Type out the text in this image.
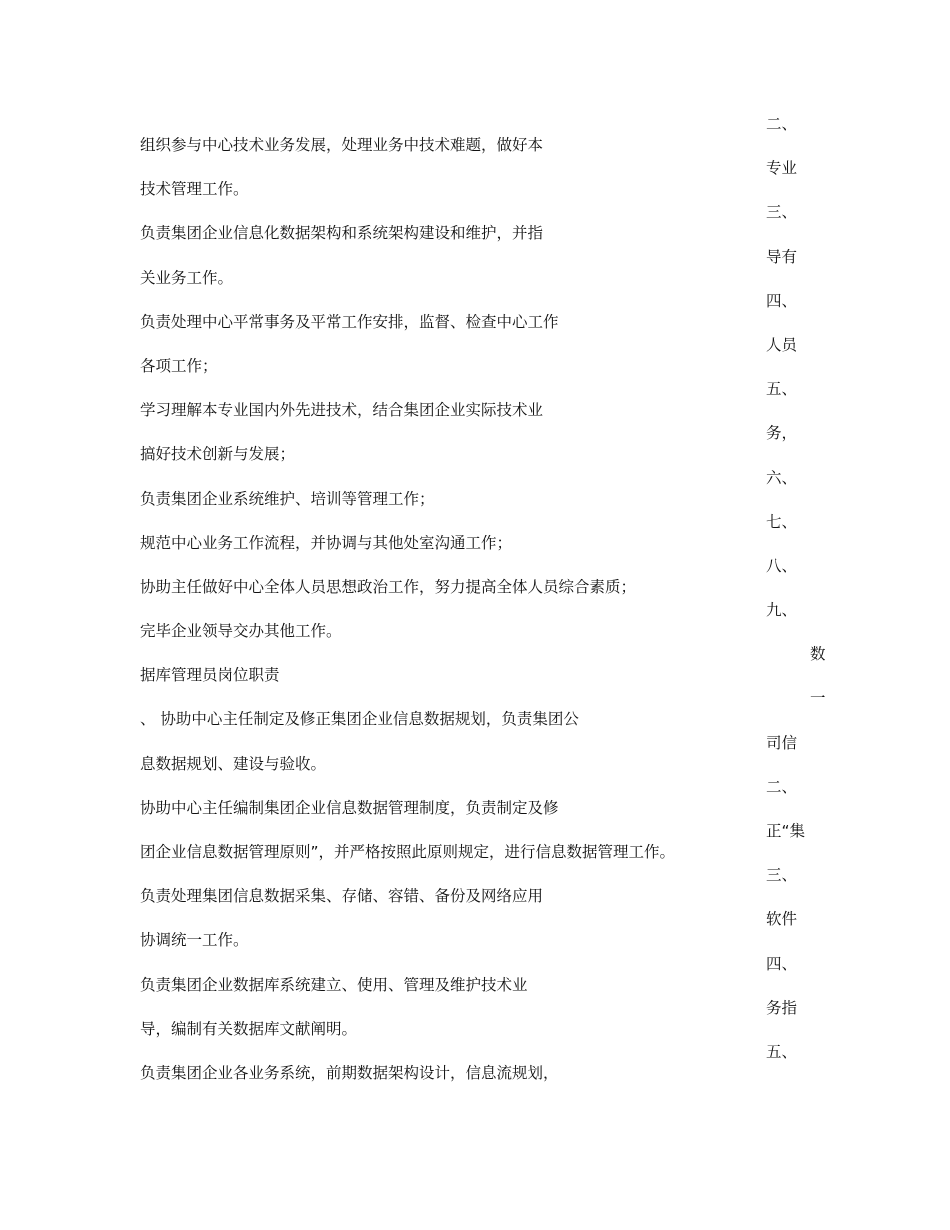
组织参与中心技术业务发展，处理业务中技术难题，做好本
技术管理工作。
负责集团企业信息化数据架构和系统架构建设和维护，并指
关业务工作。
负责处理中心平常事务及平常工作安排，监督、检查中心工作
各项工作；
学习理解本专业国内外先进技术，结合集团企业实际技术业
搞好技术创新与发展；
负责集团企业系统维护、培训等管理工作；
规范中心业务工作流程，并协调与其他处室沟通工作；
协助主任做好中心全体人员思想政治工作，努力提高全体人员综合素质；
完毕企业领导交办其他工作。
据库管理员岗位职责
、 协助中心主任制定及修正集团企业信息数据规划，负责集团公
息数据规划、建设与验收。
协助中心主任编制集团企业信息数据管理制度，负责制定及修
团企业信息数据管理原则”，并严格按照此原则规定，进行信息数据管理工作。
负责处理集团信息数据采集、存储、容错、备份及网络应用
协调统一工作。
负责集团企业数据库系统建立、使用、管理及维护技术业
导，编制有关数据库文献阐明。
负责集团企业各业务系统，前期数据架构设计，信息流规划，
二、
专业
三、
导有
四、
人员
五、
务，
六、
七、
八、
九、
数
一
司信
二、
正“集
三、
软件
四、
务指
五、
